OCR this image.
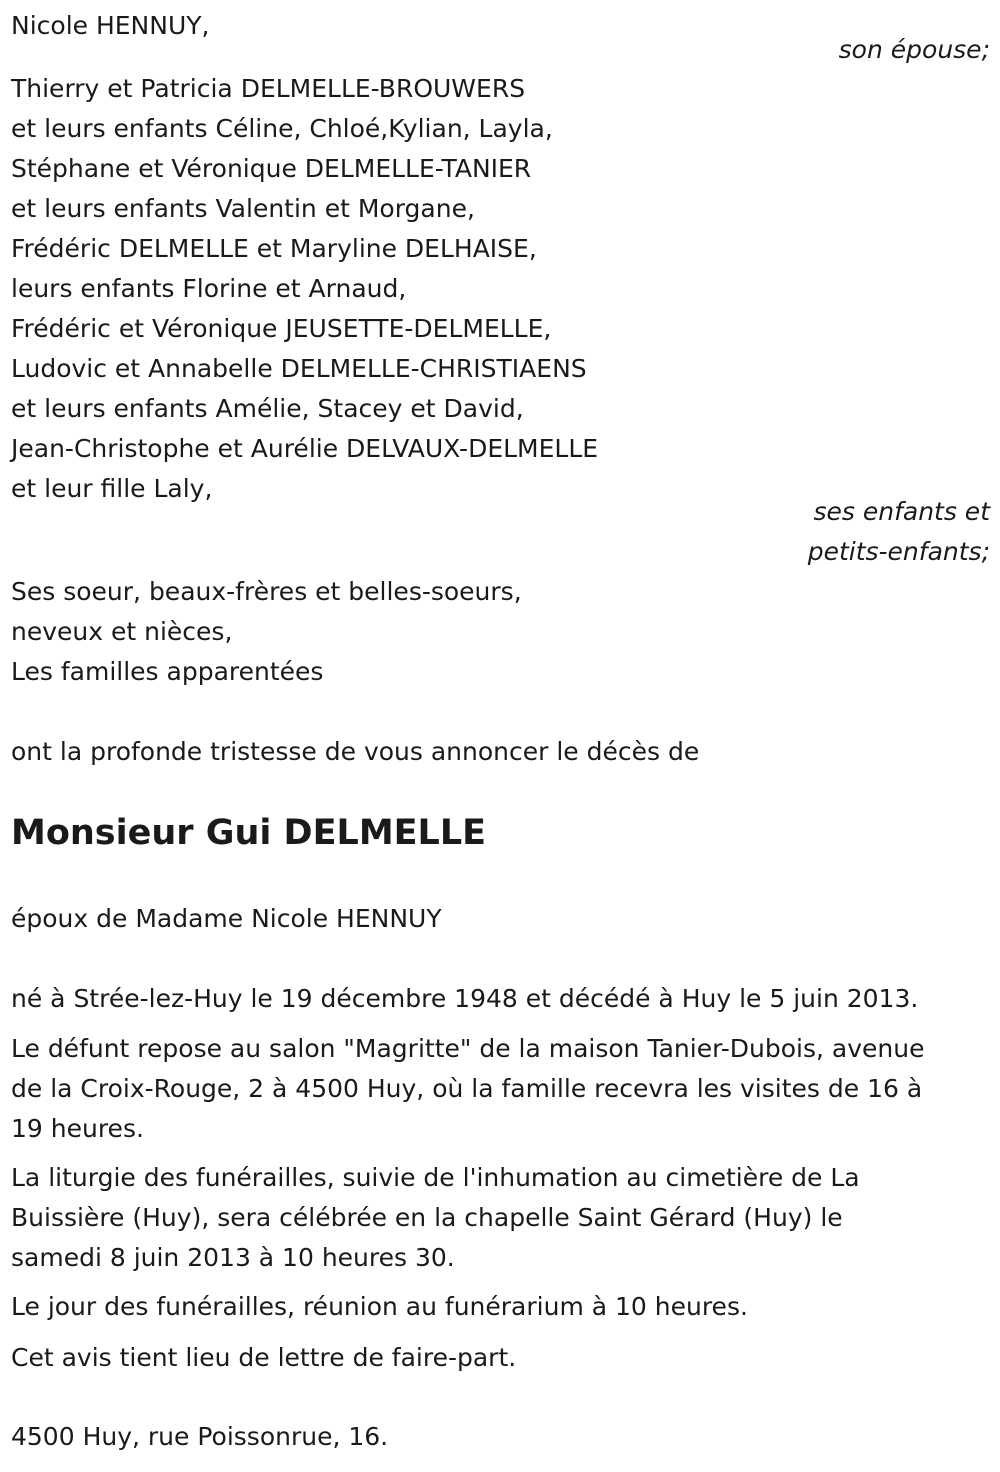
Nicole HENNUY,
son épouse;
Thierry et Patricia DELMELLE-BROUWERS
et leurs enfants Céline, Chloé,Kylian, Layla,
Stéphane et Véronique DELMELLE-TANIER
et leurs enfants Valentin et Morgane,
Frédéric DELMELLE et Maryline DELHAISE,
leurs enfants Florine et Arnaud,
Frédéric et Véronique JEUSETTE-DELMELLE,
Ludovic et Annabelle DELMELLE-CHRISTIAENS
et leurs enfants Amélie, Stacey et David,
Jean-Christophe et Aurélie DELVAUX-DELMELLE
et leur fille Laly,
ses enfants et
petits-enfants;
Ses soeur, beaux-frères et belles-soeurs,
neveux et nièces,
Les familles apparentées
ont la profonde tristesse de vous annoncer le décès de
Monsieur Gui DELMELLE
époux de Madame Nicole HENNUY
né à Strée-lez-Huy le 19 décembre 1948 et décédé à Huy le 5 juin 2013.
Le défunt repose au salon "Magritte" de la maison Tanier-Dubois, avenue
de la Croix-Rouge, 2 à 4500 Huy, où la famille recevra les visites de 16 à
19 heures.
La liturgie des funérailles, suivie de l'inhumation au cimetière de La
Buissière (Huy), sera célébrée en la chapelle Saint Gérard (Huy) le
samedi 8 juin 2013 à 10 heures 30.
Le jour des funérailles, réunion au funérarium à 10 heures.
Cet avis tient lieu de lettre de faire-part.
4500 Huy, rue Poissonrue, 16.
